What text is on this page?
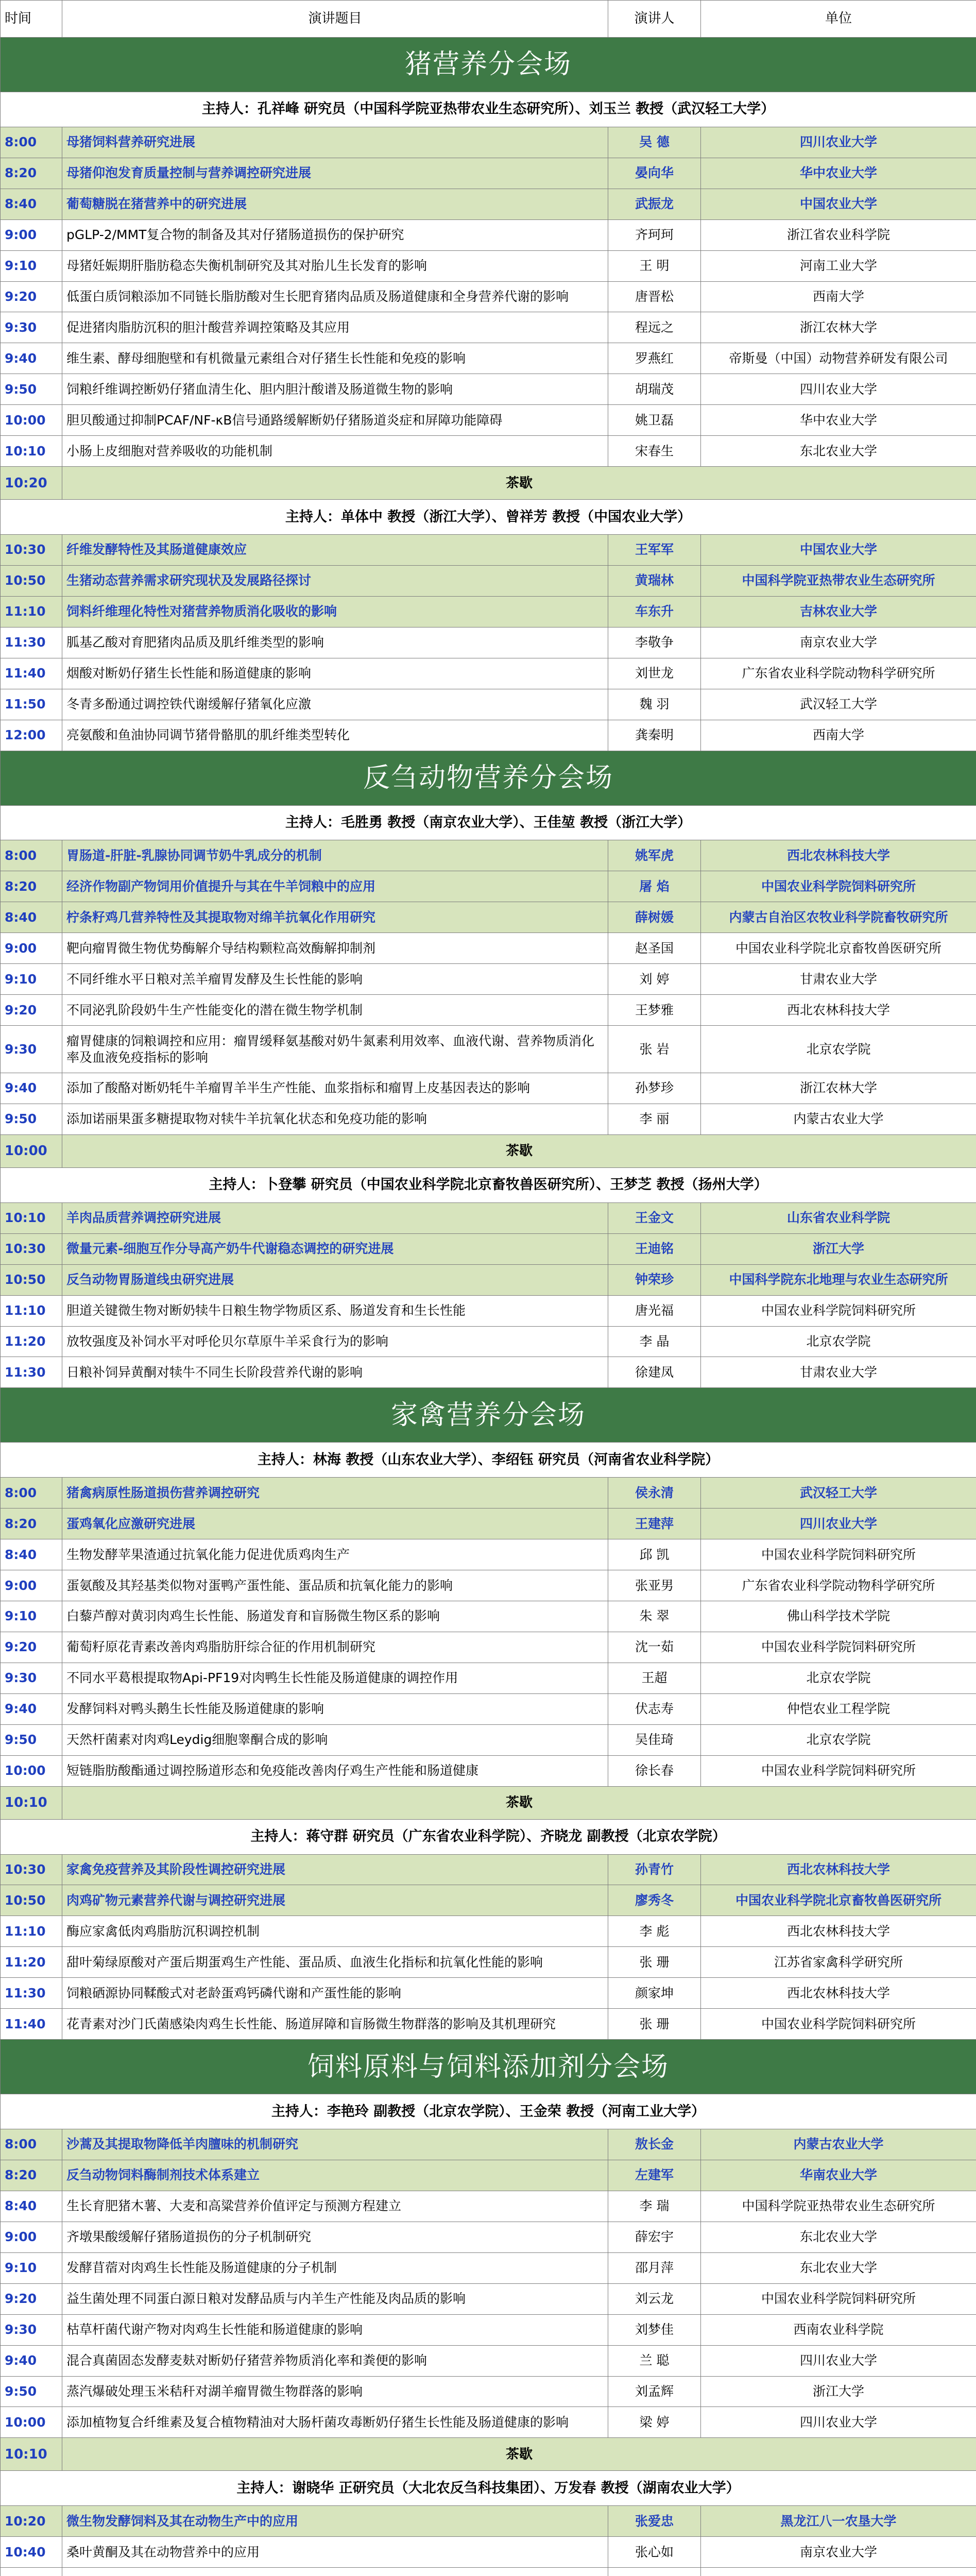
时间	演讲题目	演讲人	单位
猪营养分会场			
主持人：孔祥峰 研究员（中国科学院亚热带农业生态研究所）、刘玉兰 教授（武汉轻工大学）			
8:00	母猪饲料营养研究进展	吴 德	四川农业大学
8:20	母猪仰泡发育质量控制与营养调控研究进展	晏向华	华中农业大学
8:40	葡萄糖脱在猪营养中的研究进展	武振龙	中国农业大学
9:00	pGLP-2/MMT复合物的制备及其对仔猪肠道损伤的保护研究	齐珂珂	浙江省农业科学院
9:10	母猪妊娠期肝脂肪稳态失衡机制研究及其对胎儿生长发育的影响	王 明	河南工业大学
9:20	低蛋白质饲粮添加不同链长脂肪酸对生长肥育猪肉品质及肠道健康和全身营养代谢的影响	唐晋松	西南大学
9:30	促进猪肉脂肪沉积的胆汁酸营养调控策略及其应用	程远之	浙江农林大学
9:40	维生素、酵母细胞壁和有机微量元素组合对仔猪生长性能和免疫的影响	罗燕红	帝斯曼（中国）动物营养研发有限公司
9:50	饲粮纤维调控断奶仔猪血清生化、胆内胆汁酸谱及肠道微生物的影响	胡瑞茂	四川农业大学
10:00	胆贝酸通过抑制PCAF/NF-κB信号通路缓解断奶仔猪肠道炎症和屏障功能障碍	姚卫磊	华中农业大学
10:10	小肠上皮细胞对营养吸收的功能机制	宋春生	东北农业大学
10:20	茶歇		
主持人：单体中 教授（浙江大学）、曾祥芳 教授（中国农业大学）			
10:30	纤维发酵特性及其肠道健康效应	王军军	中国农业大学
10:50	生猪动态营养需求研究现状及发展路径探讨	黄瑞林	中国科学院亚热带农业生态研究所
11:10	饲料纤维理化特性对猪营养物质消化吸收的影响	车东升	吉林农业大学
11:30	胍基乙酸对育肥猪肉品质及肌纤维类型的影响	李敬争	南京农业大学
11:40	烟酸对断奶仔猪生长性能和肠道健康的影响	刘世龙	广东省农业科学院动物科学研究所
11:50	冬青多酚通过调控铁代谢缓解仔猪氧化应激	魏 羽	武汉轻工大学
12:00	亮氨酸和鱼油协同调节猪骨骼肌的肌纤维类型转化	龚秦明	西南大学
反刍动物营养分会场			
主持人：毛胜勇 教授（南京农业大学）、王佳堃 教授（浙江大学）			
8:00	胃肠道-肝脏-乳腺协同调节奶牛乳成分的机制	姚军虎	西北农林科技大学
8:20	经济作物副产物饲用价值提升与其在牛羊饲粮中的应用	屠 焰	中国农业科学院饲料研究所
8:40	柠条籽鸡几营养特性及其提取物对绵羊抗氧化作用研究	薛树媛	内蒙古自治区农牧业科学院畜牧研究所
9:00	靶向瘤胃微生物优势酶解介导结构颗粒高效酶解抑制剂	赵圣国	中国农业科学院北京畜牧兽医研究所
9:10	不同纤维水平日粮对羔羊瘤胃发酵及生长性能的影响	刘 婷	甘肃农业大学
9:20	不同泌乳阶段奶牛生产性能变化的潜在微生物学机制	王梦雅	西北农林科技大学
9:30	瘤胃健康的饲粮调控和应用：瘤胃缓释氨基酸对奶牛氮素利用效率、血液代谢、营养物质消化率及血液免疫指标的影响	张 岩	北京农学院
9:40	添加了酸酪对断奶牦牛羊瘤胃羊半生产性能、血浆指标和瘤胃上皮基因表达的影响	孙梦珍	浙江农林大学
9:50	添加诺丽果蛋多糖提取物对犊牛羊抗氧化状态和免疫功能的影响	李 丽	内蒙古农业大学
10:00	茶歇		
主持人：卜登攀 研究员（中国农业科学院北京畜牧兽医研究所）、王梦芝 教授（扬州大学）			
10:10	羊肉品质营养调控研究进展	王金文	山东省农业科学院
10:30	微量元素-细胞互作分导高产奶牛代谢稳态调控的研究进展	王迪铭	浙江大学
10:50	反刍动物胃肠道线虫研究进展	钟荣珍	中国科学院东北地理与农业生态研究所
11:10	胆道关键微生物对断奶犊牛日粮生物学物质区系、肠道发育和生长性能	唐光福	中国农业科学院饲料研究所
11:20	放牧强度及补饲水平对呼伦贝尔草原牛羊采食行为的影响	李 晶	北京农学院
11:30	日粮补饲异黄酮对犊牛不同生长阶段营养代谢的影响	徐建凤	甘肃农业大学
家禽营养分会场			
主持人：林海 教授（山东农业大学）、李绍钰 研究员（河南省农业科学院）			
8:00	猪禽病原性肠道损伤营养调控研究	侯永清	武汉轻工大学
8:20	蛋鸡氧化应激研究进展	王建萍	四川农业大学
8:40	生物发酵苹果渣通过抗氧化能力促进优质鸡肉生产	邱 凯	中国农业科学院饲料研究所
9:00	蛋氨酸及其羟基类似物对蛋鸭产蛋性能、蛋品质和抗氧化能力的影响	张亚男	广东省农业科学院动物科学研究所
9:10	白藜芦醇对黄羽肉鸡生长性能、肠道发育和盲肠微生物区系的影响	朱 翠	佛山科学技术学院
9:20	葡萄籽原花青素改善肉鸡脂肪肝综合征的作用机制研究	沈一茹	中国农业科学院饲料研究所
9:30	不同水平葛根提取物Api-PF19对肉鸭生长性能及肠道健康的调控作用	王超	北京农学院
9:40	发酵饲料对鸭头鹅生长性能及肠道健康的影响	伏志寿	仲恺农业工程学院
9:50	天然杆菌素对肉鸡Leydig细胞睾酮合成的影响	吴佳琦	北京农学院
10:00	短链脂肪酸酯通过调控肠道形态和免疫能改善肉仔鸡生产性能和肠道健康	徐长春	中国农业科学院饲料研究所
10:10	茶歇		
主持人：蒋守群 研究员（广东省农业科学院）、齐晓龙 副教授（北京农学院）			
10:30	家禽免疫营养及其阶段性调控研究进展	孙青竹	西北农林科技大学
10:50	肉鸡矿物元素营养代谢与调控研究进展	廖秀冬	中国农业科学院北京畜牧兽医研究所
11:10	酶应家禽低肉鸡脂肪沉积调控机制	李 彪	西北农林科技大学
11:20	甜叶菊绿原酸对产蛋后期蛋鸡生产性能、蛋品质、血液生化指标和抗氧化性能的影响	张 珊	江苏省家禽科学研究所
11:30	饲粮硒源协同鞣酸式对老龄蛋鸡钙磷代谢和产蛋性能的影响	颜家坤	西北农林科技大学
11:40	花青素对沙门氏菌感染肉鸡生长性能、肠道屏障和盲肠微生物群落的影响及其机理研究	张 珊	中国农业科学院饲料研究所
饲料原料与饲料添加剂分会场			
主持人：李艳玲 副教授（北京农学院）、王金荣 教授（河南工业大学）			
8:00	沙蒿及其提取物降低羊肉膻味的机制研究	敖长金	内蒙古农业大学
8:20	反刍动物饲料酶制剂技术体系建立	左建军	华南农业大学
8:40	生长育肥猪木薯、大麦和高粱营养价值评定与预测方程建立	李 瑞	中国科学院亚热带农业生态研究所
9:00	齐墩果酸缓解仔猪肠道损伤的分子机制研究	薛宏宇	东北农业大学
9:10	发酵苜蓿对肉鸡生长性能及肠道健康的分子机制	邵月萍	东北农业大学
9:20	益生菌处理不同蛋白源日粮对发酵品质与内羊生产性能及肉品质的影响	刘云龙	中国农业科学院饲料研究所
9:30	枯草杆菌代谢产物对肉鸡生长性能和肠道健康的影响	刘梦佳	西南农业科学院
9:40	混合真菌固态发酵麦麸对断奶仔猪营养物质消化率和粪便的影响	兰 聪	四川农业大学
9:50	蒸汽爆破处理玉米秸秆对湖羊瘤胃微生物群落的影响	刘孟辉	浙江大学
10:00	添加植物复合纤维素及复合植物精油对大肠杆菌攻毒断奶仔猪生长性能及肠道健康的影响	梁 婷	四川农业大学
10:10	茶歇		
主持人：谢晓华 正研究员（大北农反刍科技集团）、万发春 教授（湖南农业大学）			
10:20	微生物发酵饲料及其在动物生产中的应用	张爱忠	黑龙江八一农垦大学
10:40	桑叶黄酮及其在动物营养中的应用	张心如	南京农业大学
